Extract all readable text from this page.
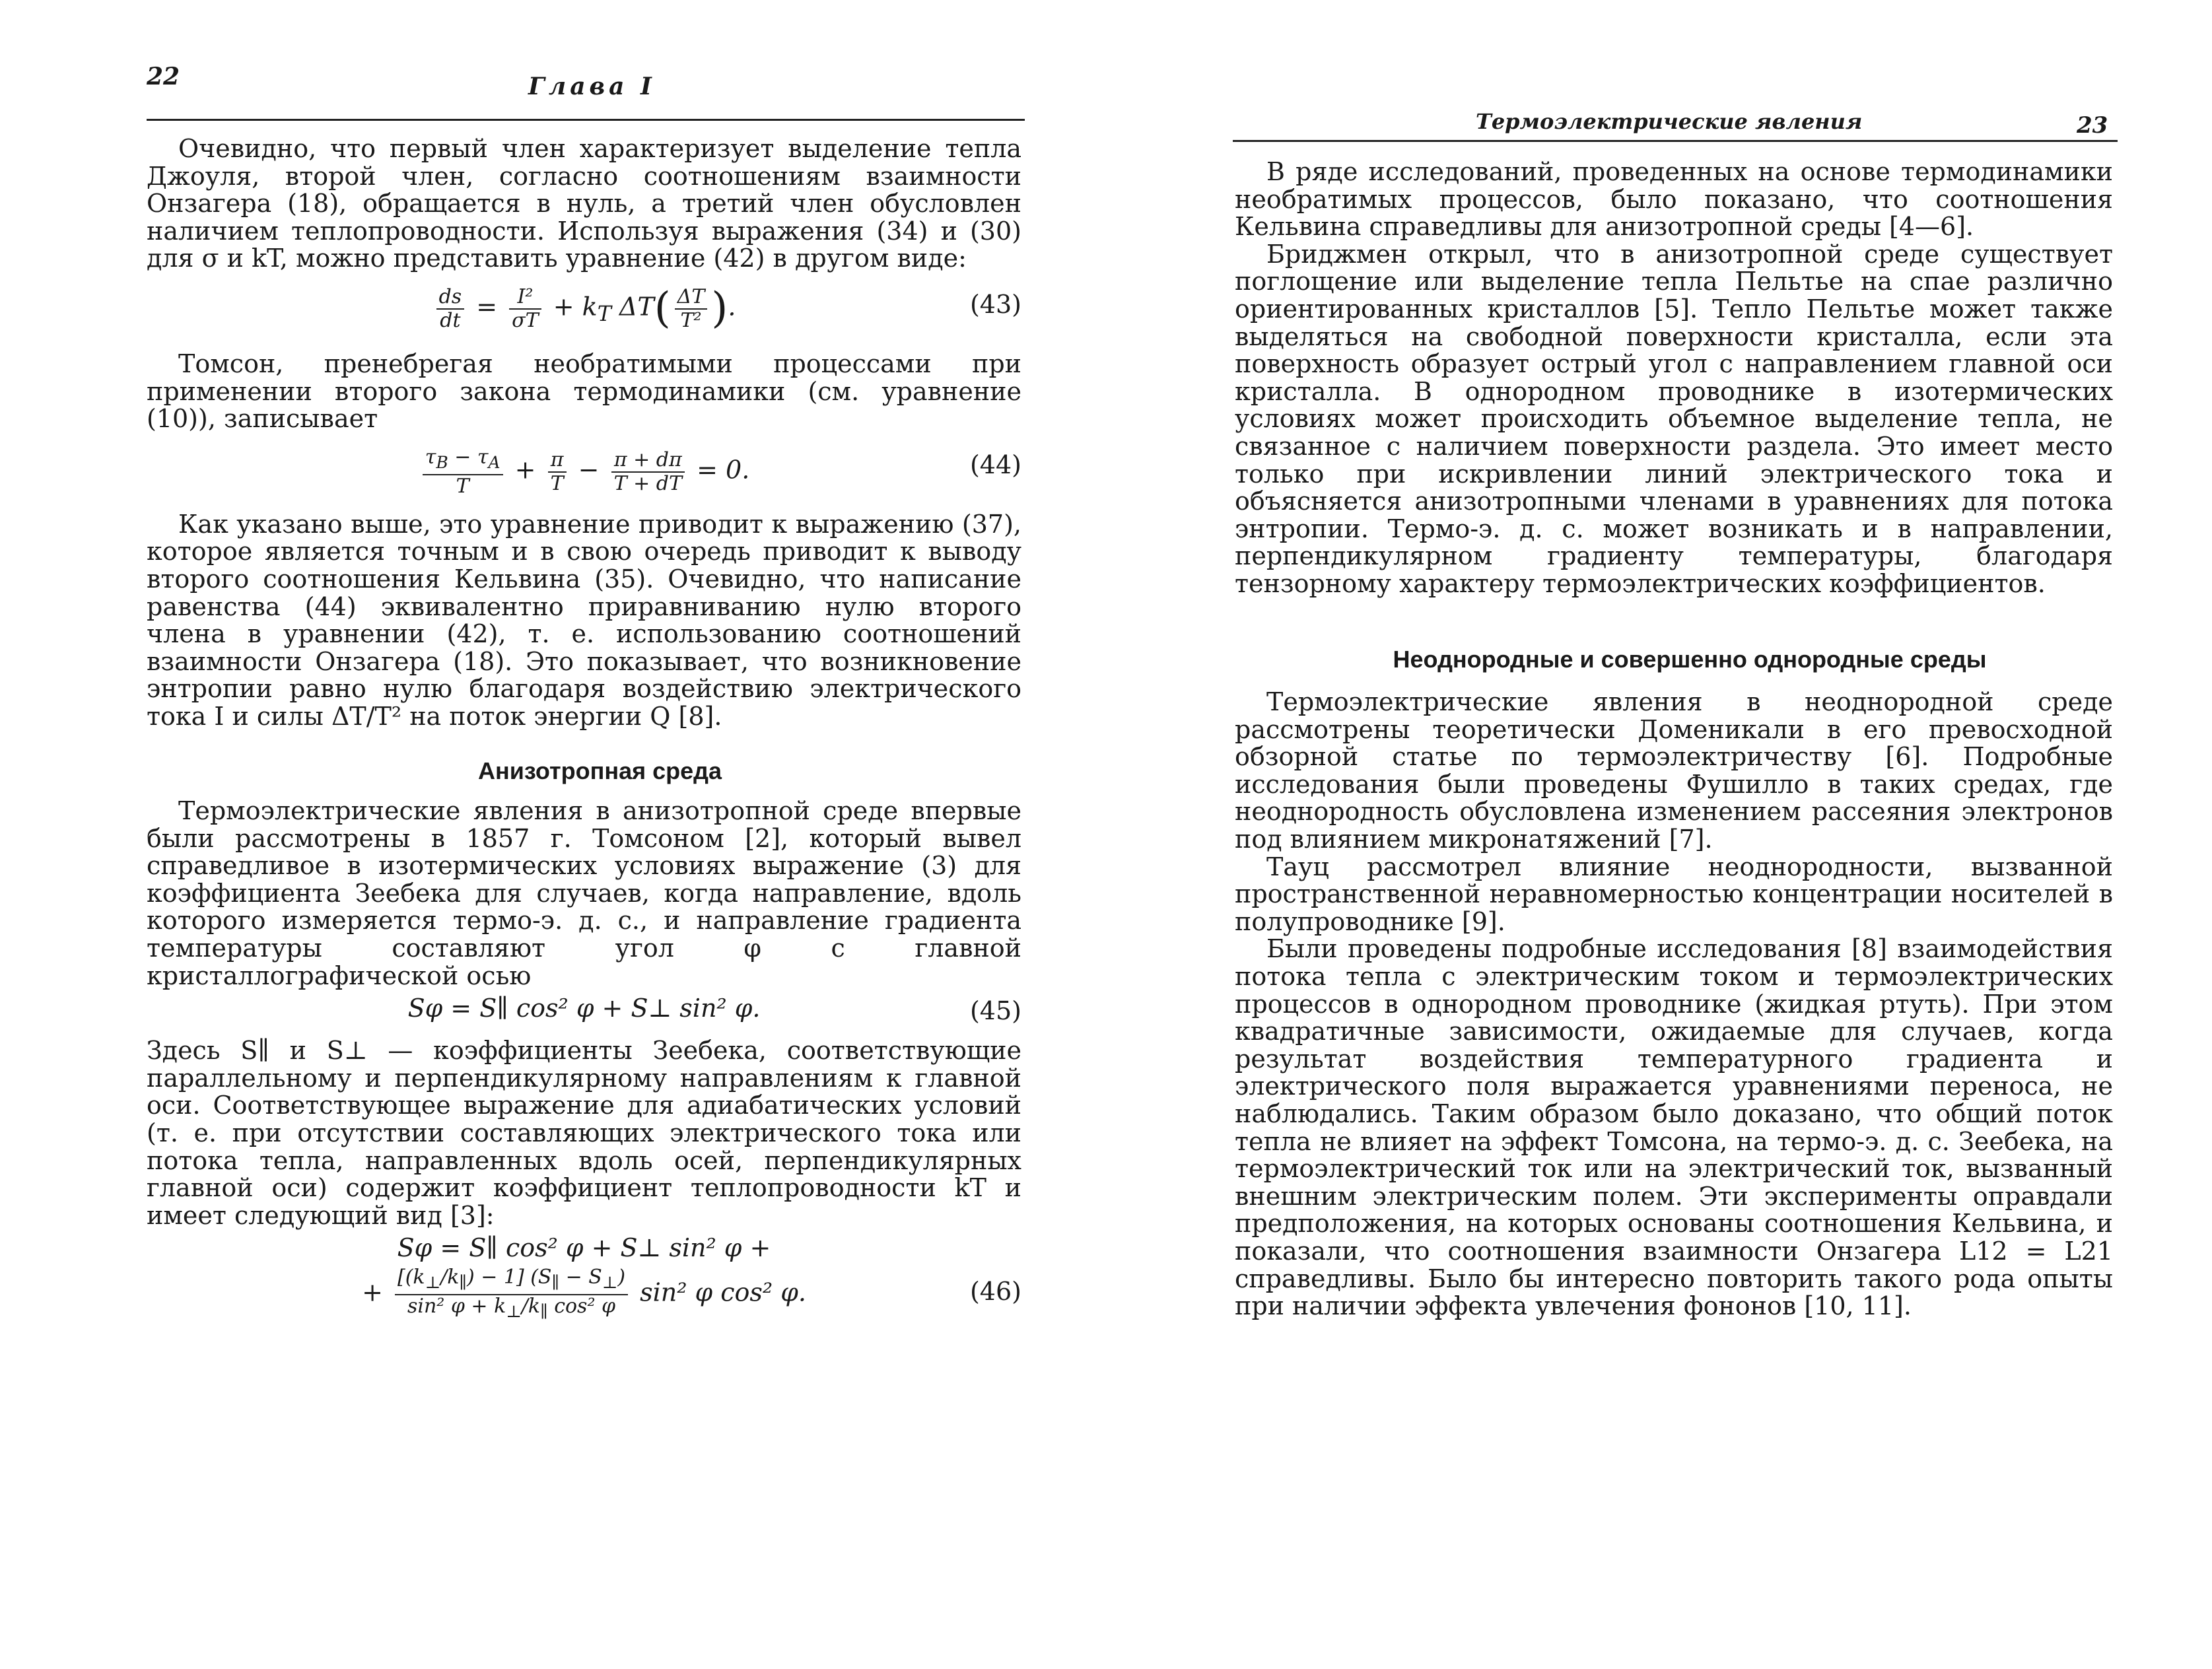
22	Глава I

Очевидно, что первый член характеризует выделение тепла Джоуля, второй член, согласно соотношениям взаимности Онзагера (18), обращается в нуль, а третий член обусловлен наличием теплопроводности. Используя выражения (34) и (30) для σ и kT, можно представить уравнение (42) в другом виде:

$\frac{ds}{dt} = \frac{\text{I²}}{\sigma T} + k_T$ $\Delta T( \frac{\Delta T}{\text{T²}}$ ).	(43)

Томсон, пренебрегая необратимыми процессами при применении второго закона термодинамики (см. уравнение (10)), записывает

$\frac{\tau_B - \tau_A}{T} + \frac{\pi}{T} - \frac{\pi + d\pi}{T + dT} = 0$.	(44)

Как указано выше, это уравнение приводит к выражению (37), которое является точным и в свою очередь приводит к выводу второго соотношения Кельвина (35). Очевидно, что написание равенства (44) эквивалентно приравниванию нулю второго члена в уравнении (42), т. е. использованию соотношений взаимности Онзагера (18). Это показывает, что возникновение энтропии равно нулю благодаря воздействию электрического тока I и силы ΔT/T² на поток энергии Q [8].

Анизотропная среда

Термоэлектрические явления в анизотропной среде впервые были рассмотрены в 1857 г. Томсоном [2], который вывел справедливое в изотермических условиях выражение (3) для коэффициента Зеебека для случаев, когда направление, вдоль которого измеряется термо-э. д. с., и направление градиента температуры составляют угол φ с главной кристаллографической осью

Sφ = S∥ cos² φ + S⊥ sin² φ.	(45)

Здесь S∥ и S⊥ — коэффициенты Зеебека, соответствующие параллельному и перпендикулярному направлениям к главной оси. Соответствующее выражение для адиабатических условий (т. е. при отсутствии составляющих электрического тока или потока тепла, направленных вдоль осей, перпендикулярных главной оси) содержит коэффициент теплопроводности kT и имеет следующий вид [3]:

Sφ = S∥ cos² φ + S⊥ sin² φ +
+ $\frac{[(k_\perp/k_\parallel) - 1] (S_\parallel - S_\perp)}{\sin^2 \varphi + k_\perp/k_\parallel \cos^2 \varphi} \sin^2$ φ cos² φ.	(46)
Термоэлектрические явления	23

В ряде исследований, проведенных на основе термодинамики необратимых процессов, было показано, что соотношения Кельвина справедливы для анизотропной среды [4—6].

Бриджмен открыл, что в анизотропной среде существует поглощение или выделение тепла Пельтье на спае различно ориентированных кристаллов [5]. Тепло Пельтье может также выделяться на свободной поверхности кристалла, если эта поверхность образует острый угол с направлением главной оси кристалла. В однородном проводнике в изотермических условиях может происходить объемное выделение тепла, не связанное с наличием поверхности раздела. Это имеет место только при искривлении линий электрического тока и объясняется анизотропными членами в уравнениях для потока энтропии. Термо-э. д. с. может возникать и в направлении, перпендикулярном градиенту температуры, благодаря тензорному характеру термоэлектрических коэффициентов.

Неоднородные и совершенно однородные среды

Термоэлектрические явления в неоднородной среде рассмотрены теоретически Доменикали в его превосходной обзорной статье по термоэлектричеству [6]. Подробные исследования были проведены Фушилло в таких средах, где неоднородность обусловлена изменением рассеяния электронов под влиянием микронатяжений [7].

Тауц рассмотрел влияние неоднородности, вызванной пространственной неравномерностью концентрации носителей в полупроводнике [9].

Были проведены подробные исследования [8] взаимодействия потока тепла с электрическим током и термоэлектрических процессов в однородном проводнике (жидкая ртуть). При этом квадратичные зависимости, ожидаемые для случаев, когда результат воздействия температурного градиента и электрического поля выражается уравнениями переноса, не наблюдались. Таким образом было доказано, что общий поток тепла не влияет на эффект Томсона, на термо-э. д. с. Зеебека, на термоэлектрический ток или на электрический ток, вызванный внешним электрическим полем. Эти эксперименты оправдали предположения, на которых основаны соотношения Кельвина, и показали, что соотношения взаимности Онзагера L12 = L21 справедливы. Было бы интересно повторить такого рода опыты при наличии эффекта увлечения фононов [10, 11].
